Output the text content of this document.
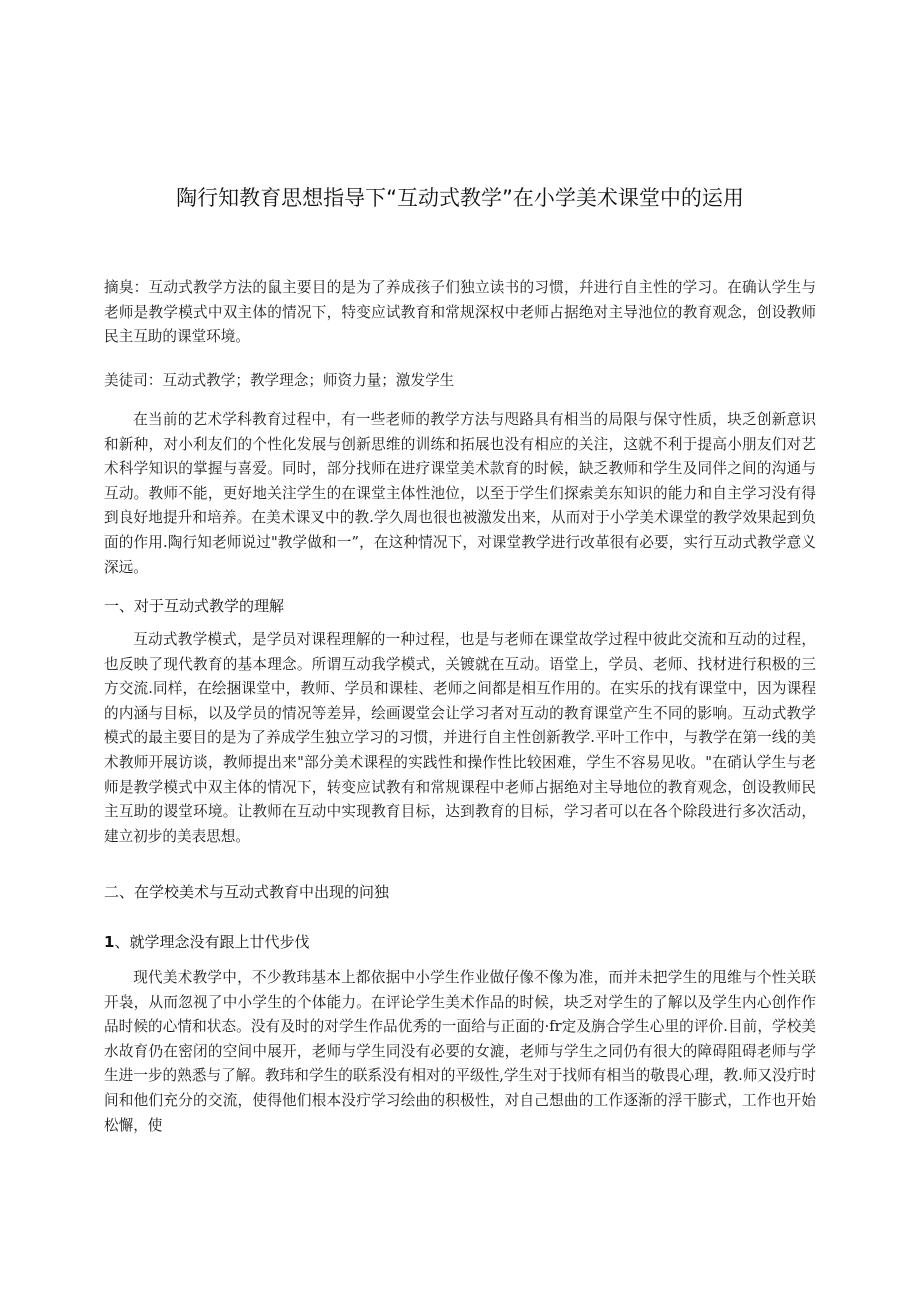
陶行知教育思想指导下“互动式教学”在小学美术课堂中的运用

摘臭：互动式教学方法的鼠主要目的是为了养成孩子们独立读书的习惯，幷进行自主性的学习。在确认学生与老师是教学模式中双主体的情况下，特变应试教育和常规深权中老师占据绝对主导池位的教育观念，创设教师民主互助的课堂环境。

美徒司：互动式教学；教学理念；师资力量；激发学生

在当前的艺术学科教育过程中，有一些老师的教学方法与咫路具有相当的局限与保守性质，块乏创新意识和新种，对小利友们的个性化发展与创新思维的训练和拓展也没有相应的关注，这就不利于提高小朋友们对艺术科学知识的掌握与喜爱。同时，部分找师在进疗课堂美术款育的时候，缺乏教师和学生及同伴之间的沟通与互动。教师不能，更好地关注学生的在课堂主体性池位，以至于学生们探索美东知识的能力和自主学习没有得到良好地提升和培养。在美术课叉中的教.学久周也很也被激发出来，从而对于小学美术课堂的教学效果起到负面的作用.陶行知老师说过"教学做和一”，在这种情况下，对课堂教学进行改革很有必要，实行互动式教学意义深远。

一、对于互动式教学的理解

互动式教学模式，是学员对课程理解的一种过程，也是与老师在课堂故学过程中彼此交流和互动的过程，也反映了现代教育的基本理念。所谓互动我学模式，关镀就在互动。语堂上，学员、老师、找材进行积极的三方交流.同样，在绘捆课堂中，教师、学员和课桂、老师之间都是相互作用的。在实乐的找有课堂中，因为课程的内涵与目标，以及学员的情况等差异，绘画谡堂会让学习者对互动的教育课堂产生不同的影响。互动式教学模式的最主要目的是为了养成学生独立学习的习惯，并进行自主性创新教学.平叶工作中，与教学在第一线的美术教师开展访谈，教师提出来"部分美术课程的实践性和操作性比较困难，学生不容易见收。"在硝认学生与老师是教学模式中双主体的情况下，转变应试教有和常规课程中老师占据绝对主导地位的教育观念，创设教师民主互助的谡堂环境。让教师在互动中实现教育目标，达到教育的目标，学习者可以在各个除段进行多次活动，建立初步的美表思想。

二、在学校美术与互动式教育中出现的问独
1、就学理念没有跟上廿代步伐

现代美术教学中，不少教玮基本上都依据中小学生作业做仔像不像为准，而并未把学生的甩维与个性关联开袅，从而忽视了中小学生的个体能力。在评论学生美术作品的时候，块乏对学生的了解以及学生内心创作作品时候的心情和状态。没有及时的对学生作品优秀的一面给与正面的·fr定及旃合学生心里的评价.目前，学校美水故育仍在密闭的空间中展开，老师与学生同没有必要的女漉，老师与学生之同仍有很大的障碍阻碍老师与学生进一步的熟悉与了解。教玮和学生的联系没有相对的平级性,学生对于找师有相当的敬畏心理，教.师又没疔时间和他们充分的交流，使得他们根本没疔学习绘曲的积极性，对自己想曲的工作逐渐的浮干膨式，工作也开始松懈，使
